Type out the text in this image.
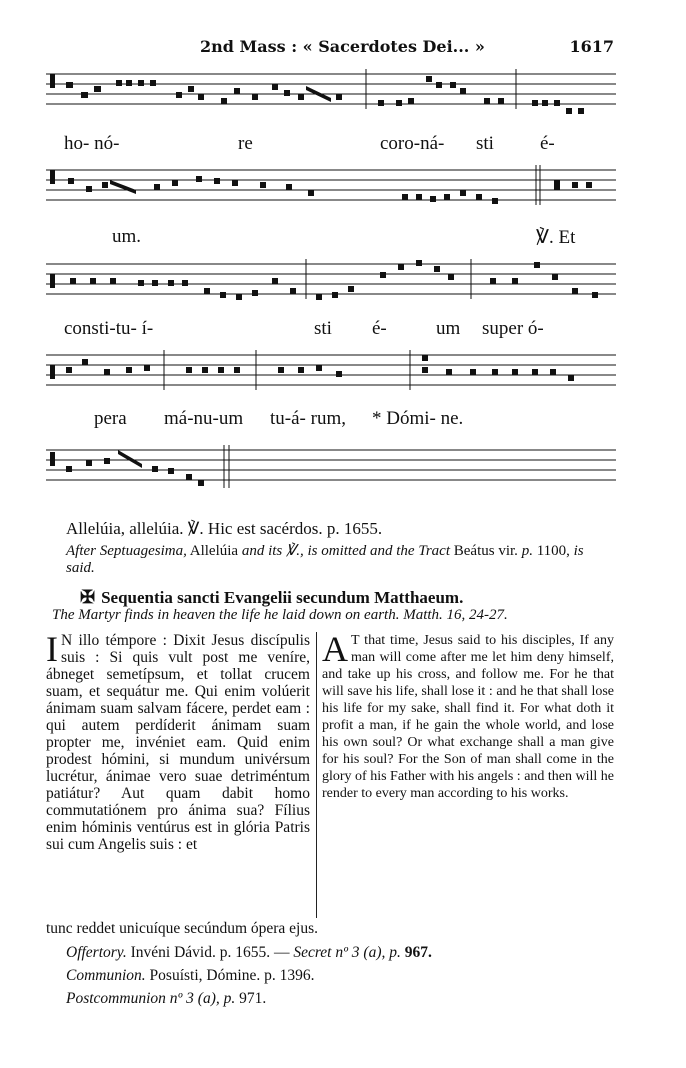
2nd Mass : « Sacerdotes Dei... »	1617
ho- nó-	re	coro-ná- sti é-
um.	℣. Et
consti-tu- í-	sti é-	um super ó-
pera má-nu-um tu-á- rum, * Dómi- ne.
Allelúia, allelúia. ℣. Hic est sacérdos. p. 1655.
After Septuagesima, Allelúia and its ℣., is omitted and the Tract Beátus vir. p. 1100, is said.
✠ Sequentia sancti Evangelii secundum Matthaeum.
The Martyr finds in heaven the life he laid down on earth. Matth. 16, 24-27.
I N illo témpore : Dixit Jesus discípulis suis : Si quis vult post me veníre, ábneget semetípsum, et tollat crucem suam, et sequátur me. Qui enim volúerit ánimam suam salvam fácere, perdet eam : qui autem perdíderit ánimam suam propter me, invéniet eam. Quid enim prodest hómini, si mundum univérsum lucrétur, ánimae vero suae detriméntum patiátur? Aut quam dabit homo commutatiónem pro ánima sua? Fílius enim hóminis ventúrus est in glória Patris sui cum Angelis suis : et
A T that time, Jesus said to his disciples, If any man will come after me let him deny himself, and take up his cross, and follow me. For he that will save his life, shall lose it : and he that shall lose his life for my sake, shall find it. For what doth it profit a man, if he gain the whole world, and lose his own soul? Or what exchange shall a man give for his soul? For the Son of man shall come in the glory of his Father with his angels : and then will he render to every man according to his works.
tunc reddet unicuíque secúndum ópera ejus.
Offertory. Invéni Dávid. p. 1655. — Secret nº 3 (a), p. 967.
Communion. Posuísti, Dómine. p. 1396.
Postcommunion nº 3 (a), p. 971.
